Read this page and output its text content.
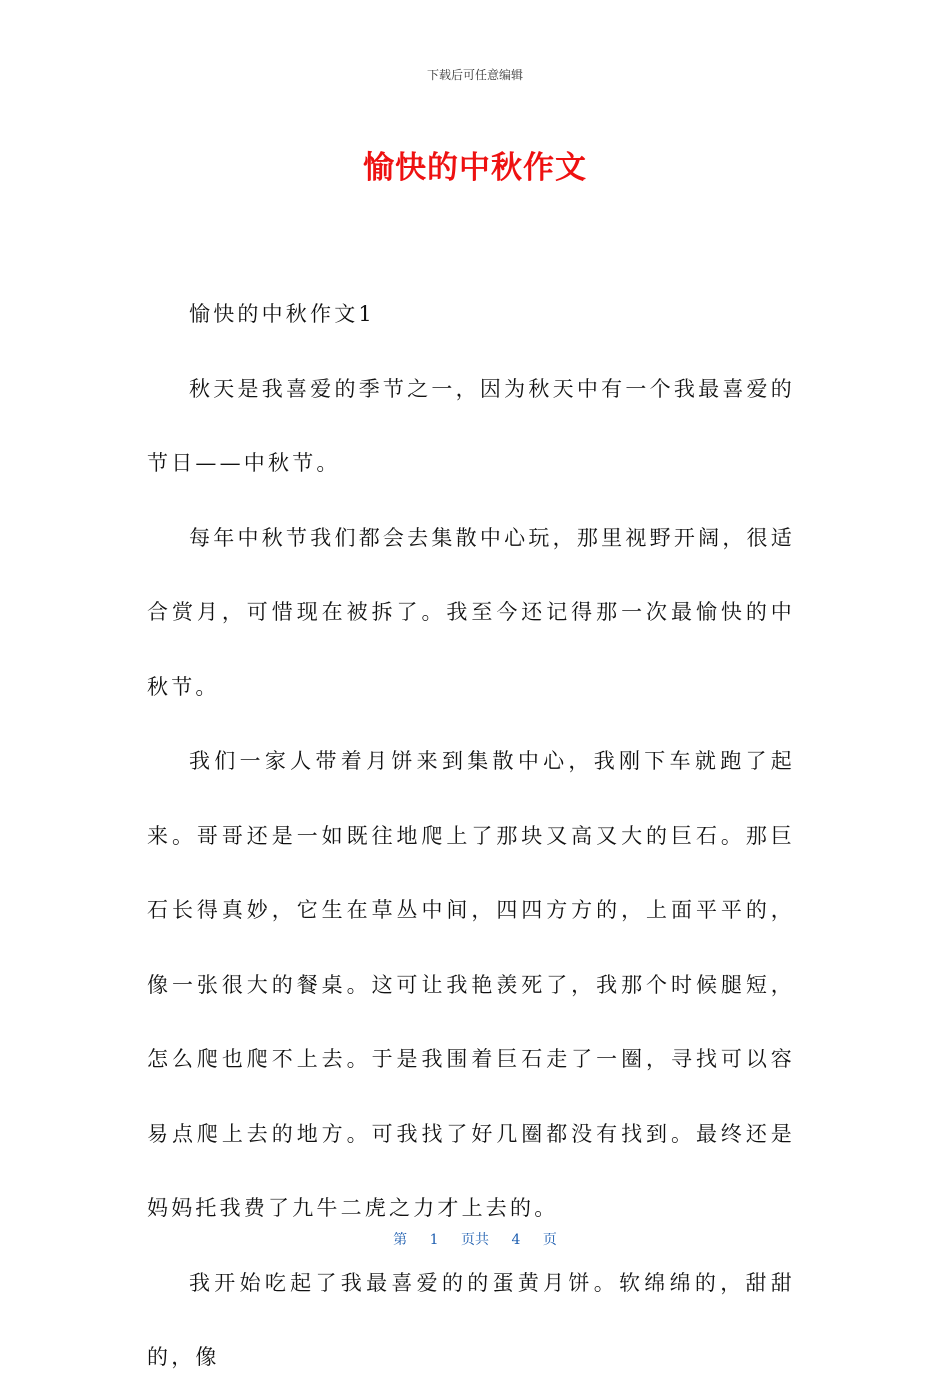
下载后可任意编辑
愉快的中秋作文

愉快的中秋作文1

秋天是我喜爱的季节之一，因为秋天中有一个我最喜爱的节日——中秋节。

每年中秋节我们都会去集散中心玩，那里视野开阔，很适合赏月，可惜现在被拆了。我至今还记得那一次最愉快的中秋节。

我们一家人带着月饼来到集散中心，我刚下车就跑了起来。哥哥还是一如既往地爬上了那块又高又大的巨石。那巨石长得真妙，它生在草丛中间，四四方方的，上面平平的，像一张很大的餐桌。这可让我艳羡死了，我那个时候腿短，怎么爬也爬不上去。于是我围着巨石走了一圈，寻找可以容易点爬上去的地方。可我找了好几圈都没有找到。最终还是妈妈托我费了九牛二虎之力才上去的。

我开始吃起了我最喜爱的的蛋黄月饼。软绵绵的，甜甜的，像

第 1 页共 4 页
